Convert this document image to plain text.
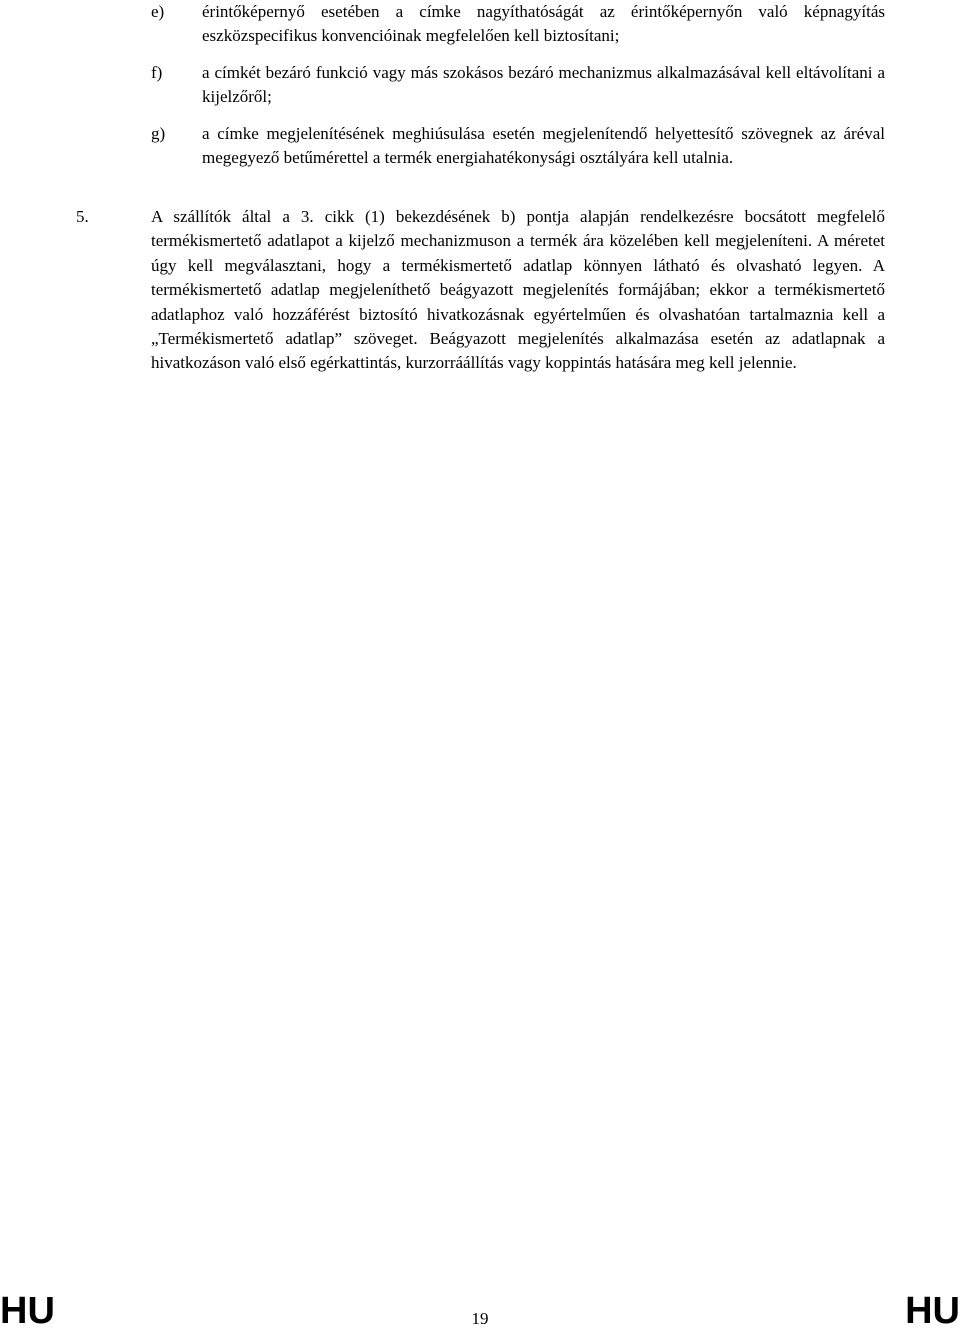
e) érintőképernyő esetében a címke nagyíthatóságát az érintőképernyőn való képnagyítás eszközspecifikus konvencióinak megfelelően kell biztosítani;
f) a címkét bezáró funkció vagy más szokásos bezáró mechanizmus alkalmazásával kell eltávolítani a kijelzőről;
g) a címke megjelenítésének meghiúsulása esetén megjelenítendő helyettesítő szövegnek az áréval megegyező betűmérettel a termék energiahatékonysági osztályára kell utalnia.
5.	A szállítók által a 3. cikk (1) bekezdésének b) pontja alapján rendelkezésre bocsátott megfelelő termékismertető adatlapot a kijelző mechanizmuson a termék ára közelében kell megjeleníteni. A méretet úgy kell megválasztani, hogy a termékismertető adatlap könnyen látható és olvasható legyen. A termékismertető adatlap megjeleníthető beágyazott megjelenítés formájában; ekkor a termékismertető adatlaphoz való hozzáférést biztosító hivatkozásnak egyértelműen és olvashatóan tartalmaznia kell a „Termékismertető adatlap” szöveget. Beágyazott megjelenítés alkalmazása esetén az adatlapnak a hivatkozáson való első egérkattintás, kurzorráállítás vagy koppintás hatására meg kell jelennie.
HU	19	HU
